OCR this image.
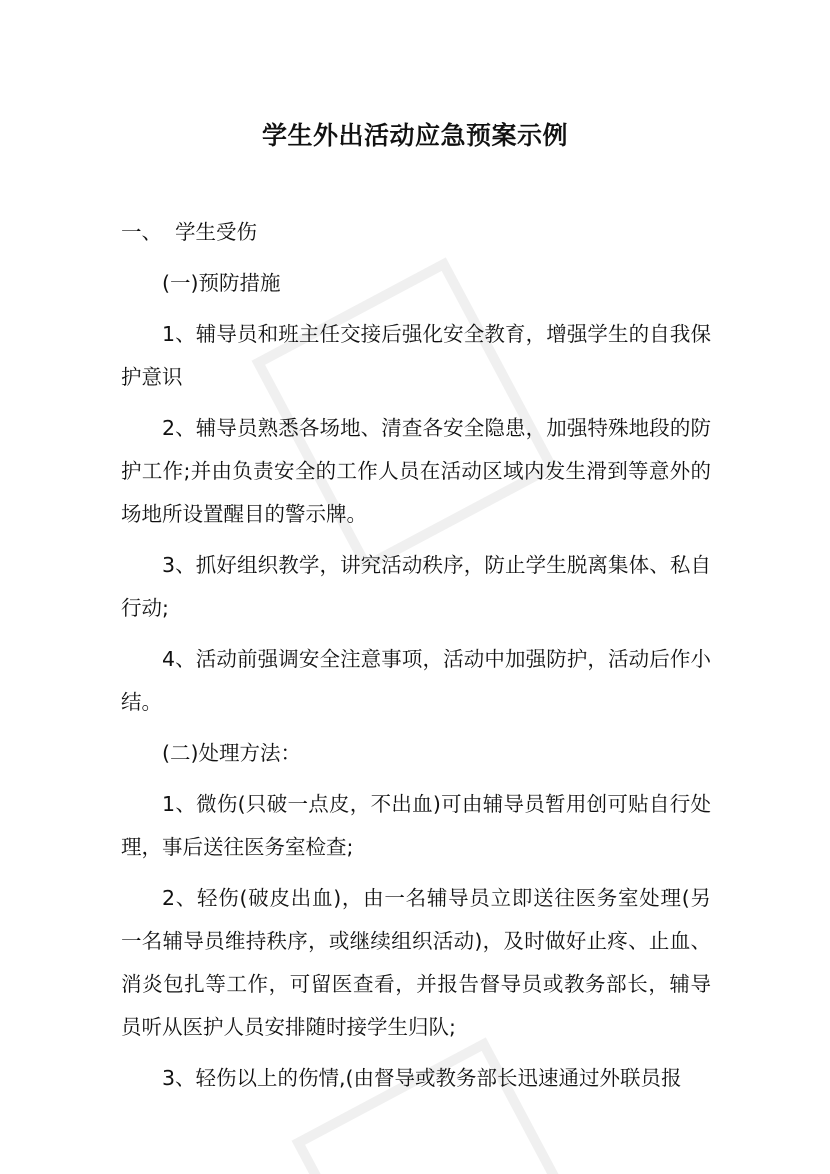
学生外出活动应急预案示例

一、  学生受伤

(一)预防措施

1、辅导员和班主任交接后强化安全教育，增强学生的自我保护意识

2、辅导员熟悉各场地、清查各安全隐患，加强特殊地段的防护工作;并由负责安全的工作人员在活动区域内发生滑到等意外的场地所设置醒目的警示牌。

3、抓好组织教学，讲究活动秩序，防止学生脱离集体、私自行动;

4、活动前强调安全注意事项，活动中加强防护，活动后作小结。

(二)处理方法：

1、微伤(只破一点皮，不出血)可由辅导员暂用创可贴自行处理，事后送往医务室检查;

2、轻伤(破皮出血)，由一名辅导员立即送往医务室处理(另一名辅导员维持秩序，或继续组织活动)，及时做好止疼、止血、消炎包扎等工作，可留医查看，并报告督导员或教务部长，辅导员听从医护人员安排随时接学生归队;

3、轻伤以上的伤情,(由督导或教务部长迅速通过外联员报
